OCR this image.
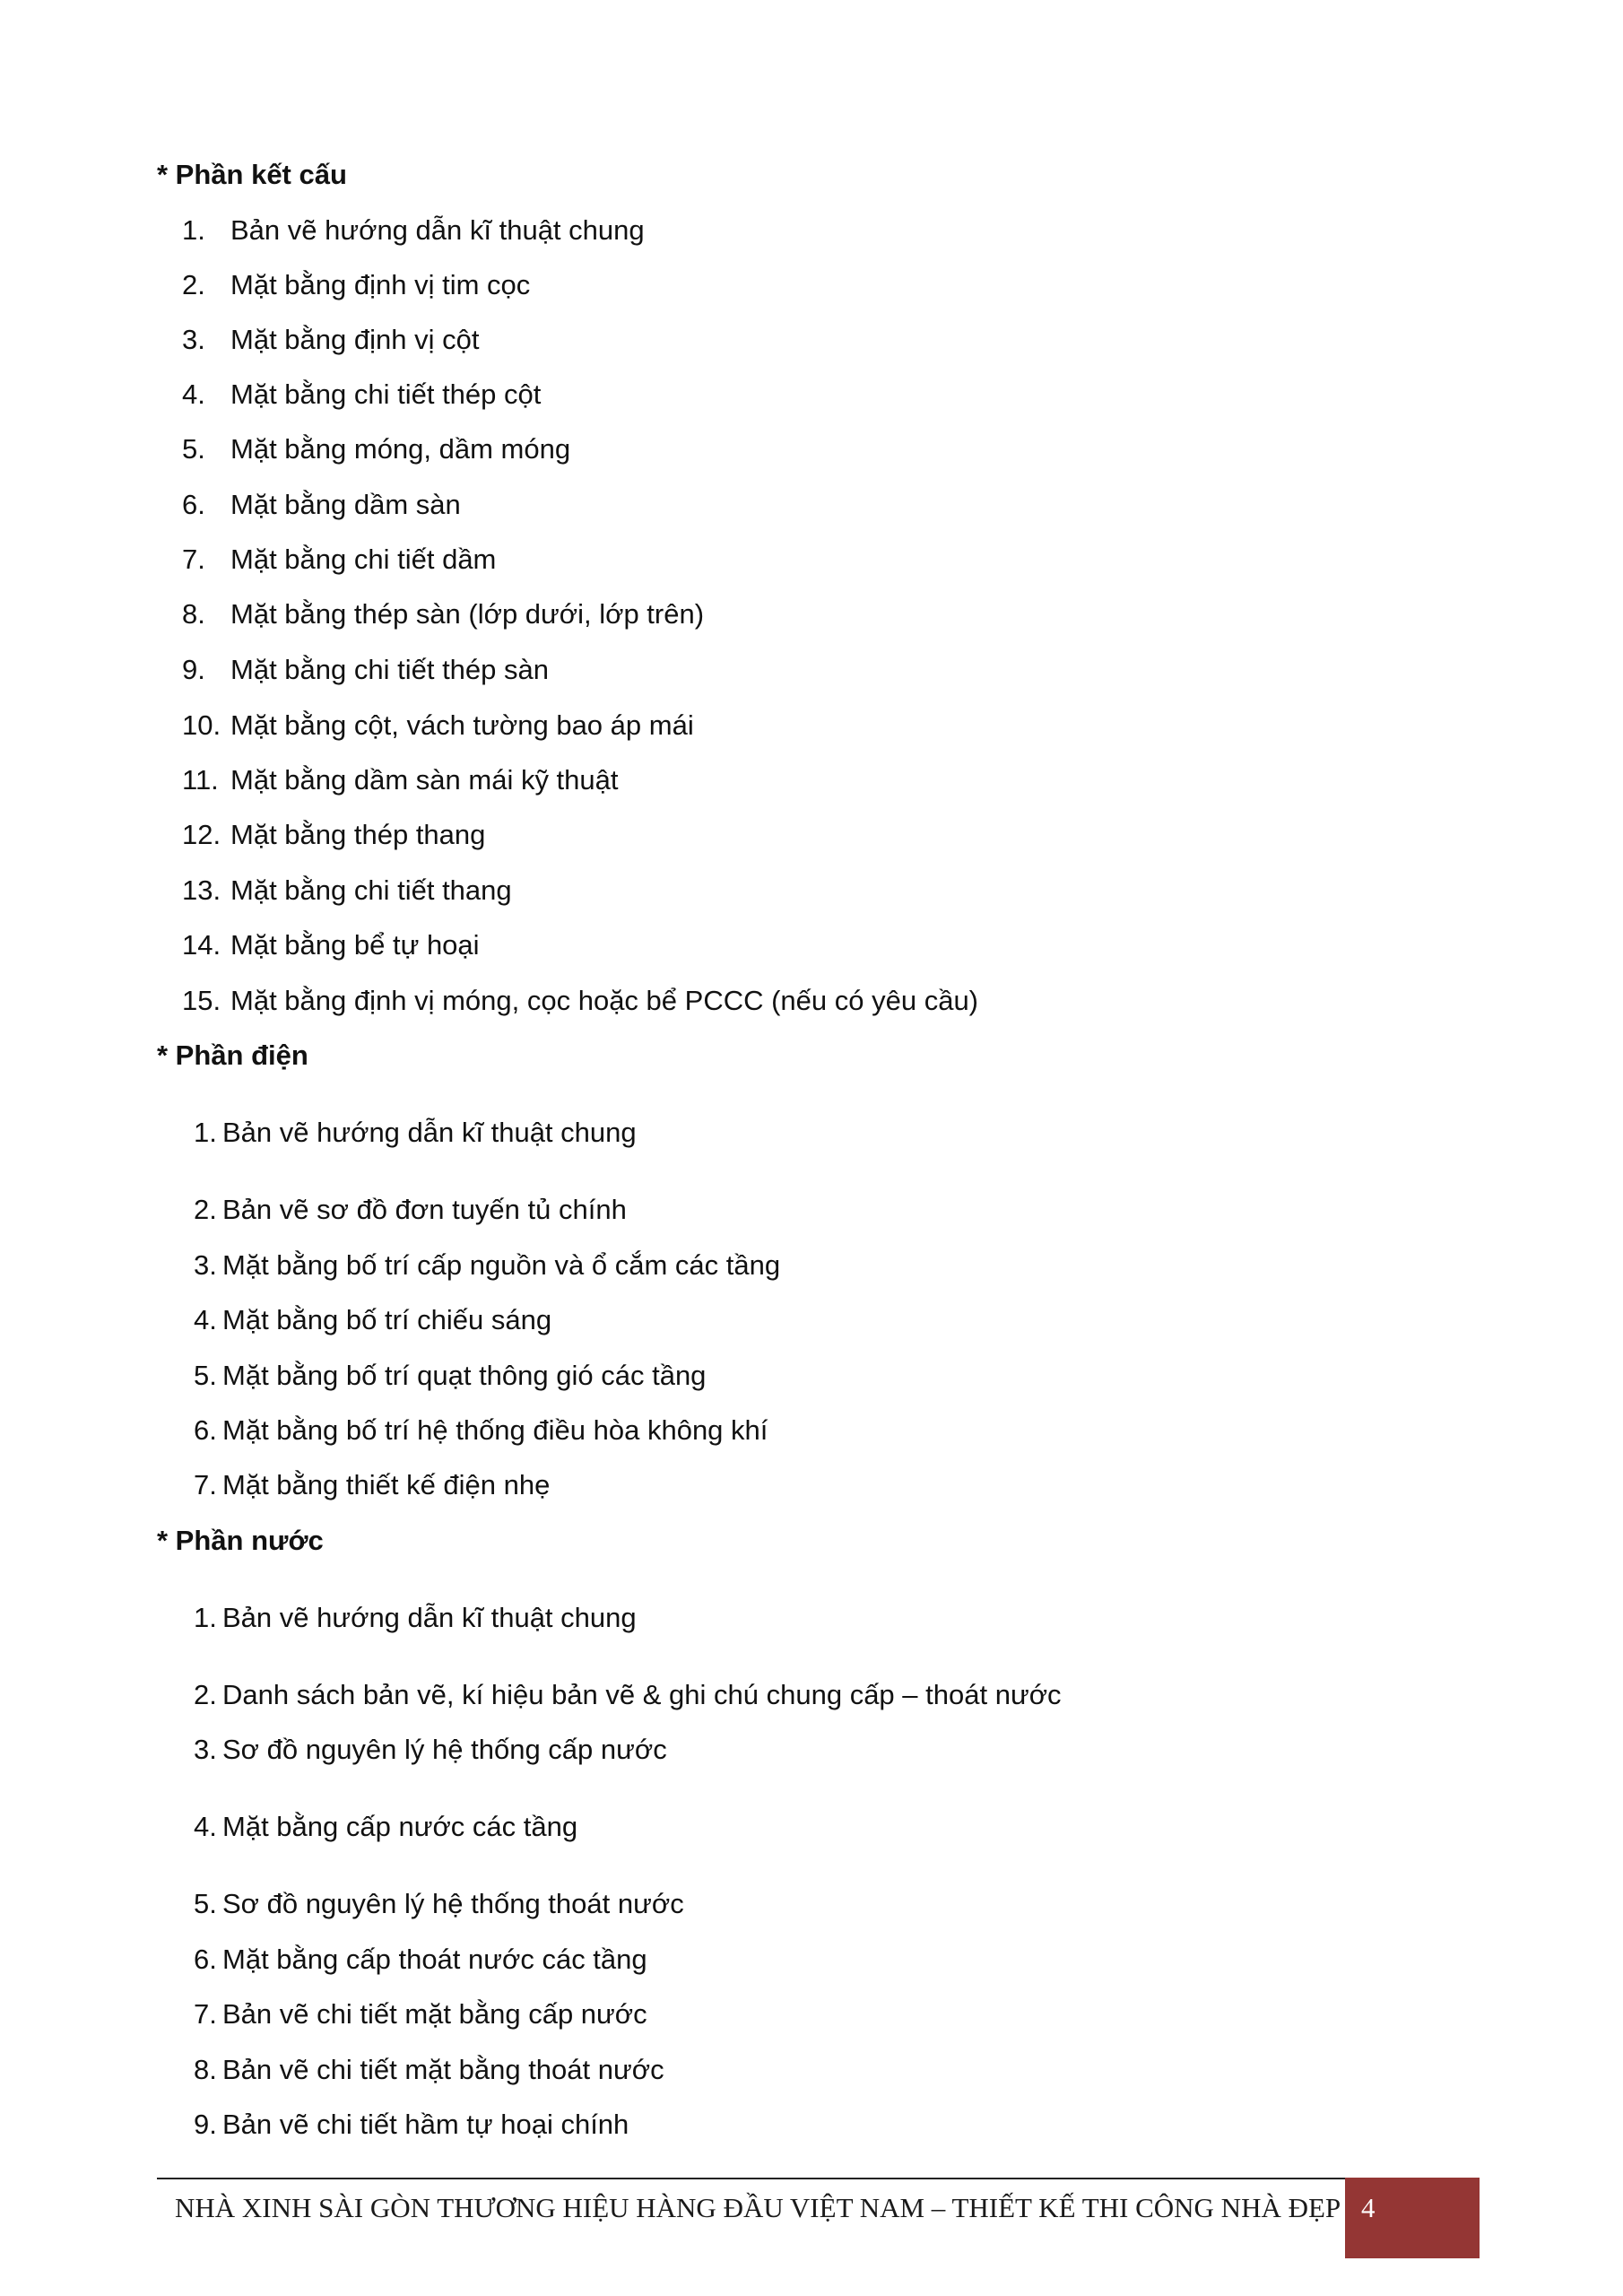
* Phần kết cấu
1. Bản vẽ hướng dẫn kĩ thuật chung
2. Mặt bằng định vị tim cọc
3. Mặt bằng định vị cột
4. Mặt bằng chi tiết thép cột
5. Mặt bằng móng, dầm móng
6. Mặt bằng dầm sàn
7. Mặt bằng chi tiết dầm
8. Mặt bằng thép sàn (lớp dưới, lớp trên)
9. Mặt bằng chi tiết thép sàn
10. Mặt bằng cột, vách tường bao áp mái
11. Mặt bằng dầm sàn mái kỹ thuật
12. Mặt bằng thép thang
13. Mặt bằng chi tiết thang
14. Mặt bằng bể tự hoại
15. Mặt bằng định vị móng, cọc hoặc bể PCCC (nếu có yêu cầu)
* Phần điện
1. Bản vẽ hướng dẫn kĩ thuật chung
2. Bản vẽ sơ đồ đơn tuyến tủ chính
3. Mặt bằng bố trí cấp nguồn và ổ cắm các tầng
4. Mặt bằng bố trí chiếu sáng
5. Mặt bằng bố trí quạt thông gió các tầng
6. Mặt bằng bố trí hệ thống điều hòa không khí
7. Mặt bằng thiết kế điện nhẹ
* Phần nước
1. Bản vẽ hướng dẫn kĩ thuật chung
2. Danh sách bản vẽ, kí hiệu bản vẽ & ghi chú chung cấp – thoát nước
3. Sơ đồ nguyên lý hệ thống cấp nước
4. Mặt bằng cấp nước các tầng
5. Sơ đồ nguyên lý hệ thống thoát nước
6. Mặt bằng cấp thoát nước các tầng
7. Bản vẽ chi tiết mặt bằng cấp nước
8. Bản vẽ chi tiết mặt bằng thoát nước
9. Bản vẽ chi tiết hầm tự hoại chính
NHÀ XINH SÀI GÒN THƯƠNG HIỆU HÀNG ĐẦU VIỆT NAM – THIẾT KẾ THI CÔNG NHÀ ĐẸP 4
